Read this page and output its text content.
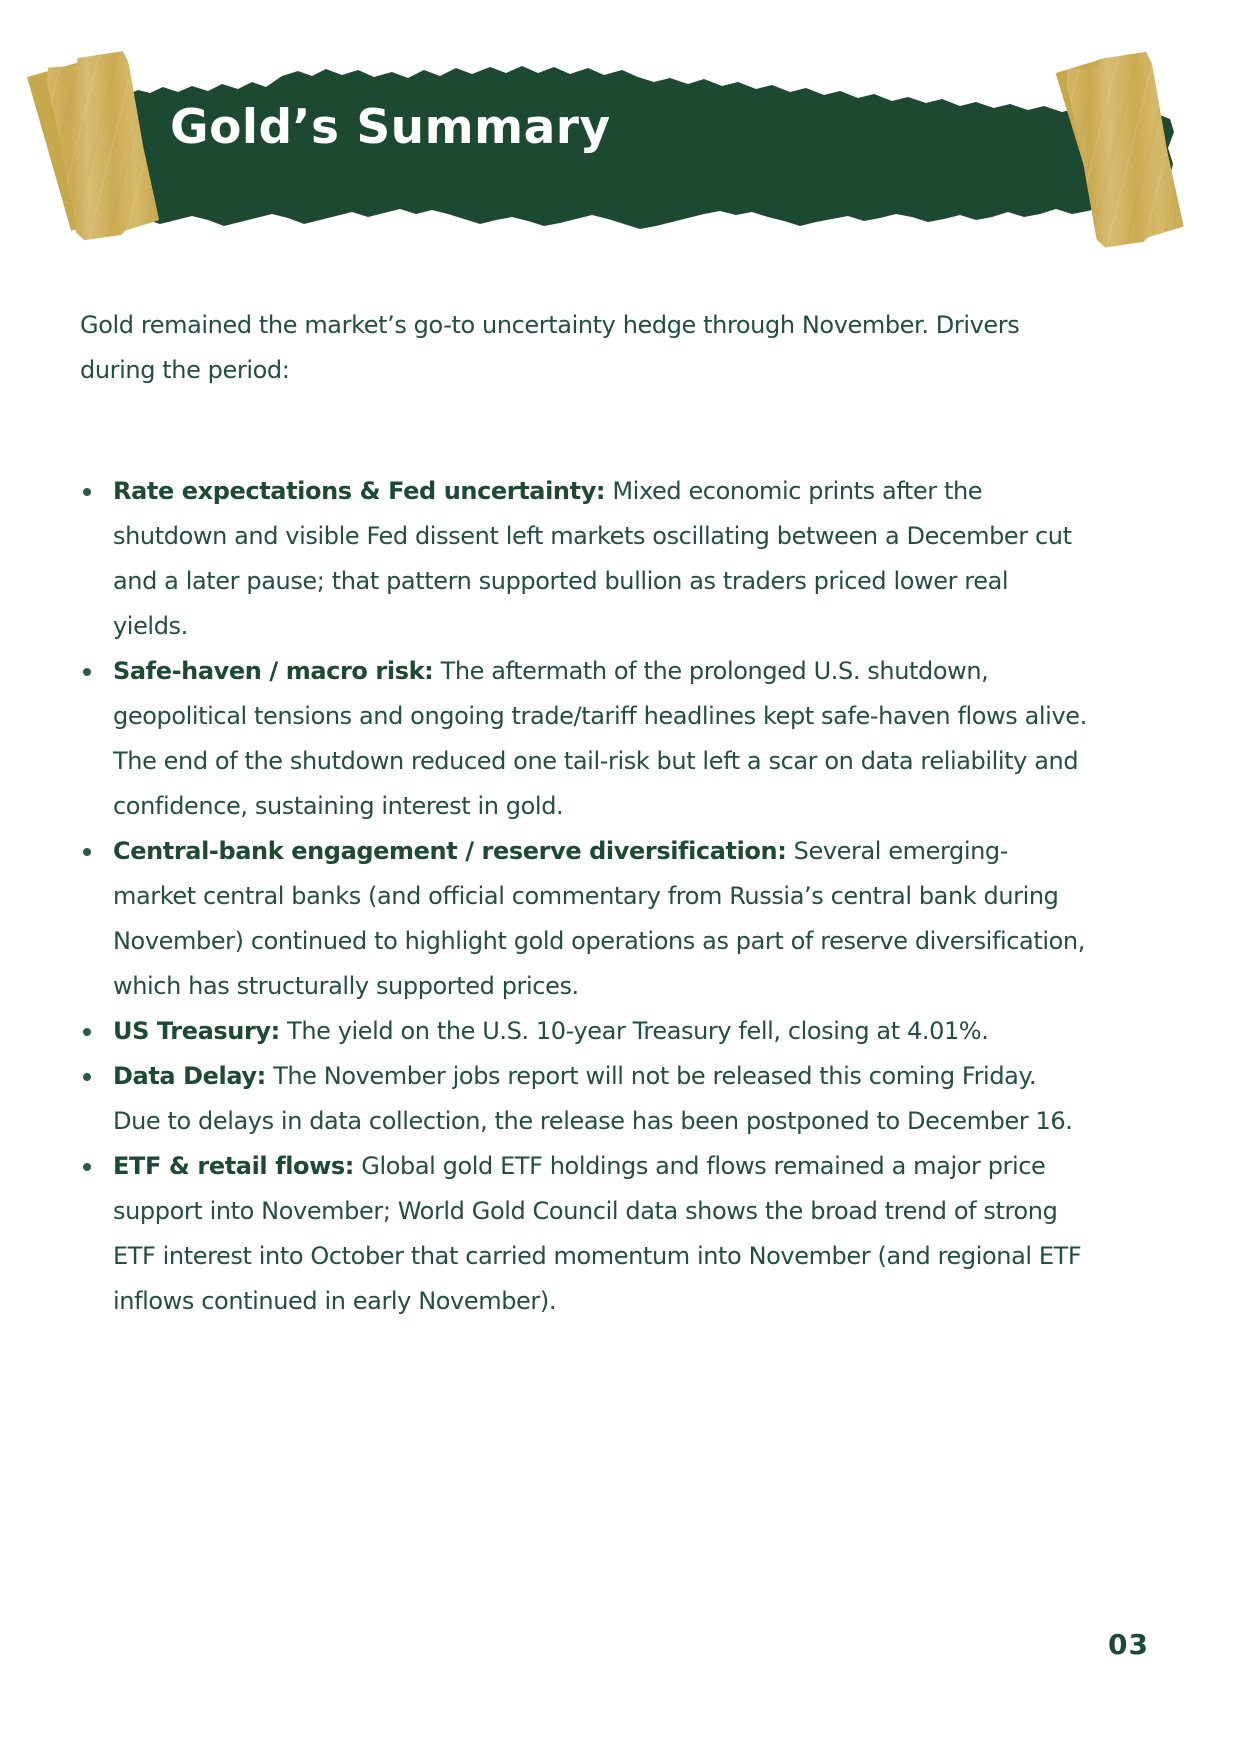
Gold’s Summary

Gold remained the market’s go-to uncertainty hedge through November. Drivers during the period:

Rate expectations & Fed uncertainty: Mixed economic prints after the shutdown and visible Fed dissent left markets oscillating between a December cut and a later pause; that pattern supported bullion as traders priced lower real yields.
Safe-haven / macro risk: The aftermath of the prolonged U.S. shutdown, geopolitical tensions and ongoing trade/tariff headlines kept safe-haven flows alive. The end of the shutdown reduced one tail-risk but left a scar on data reliability and confidence, sustaining interest in gold.
Central-bank engagement / reserve diversification: Several emerging-market central banks (and official commentary from Russia’s central bank during November) continued to highlight gold operations as part of reserve diversification, which has structurally supported prices.
US Treasury: The yield on the U.S. 10-year Treasury fell, closing at 4.01%.
Data Delay: The November jobs report will not be released this coming Friday. Due to delays in data collection, the release has been postponed to December 16.
ETF & retail flows: Global gold ETF holdings and flows remained a major price support into November; World Gold Council data shows the broad trend of strong ETF interest into October that carried momentum into November (and regional ETF inflows continued in early November).
03
